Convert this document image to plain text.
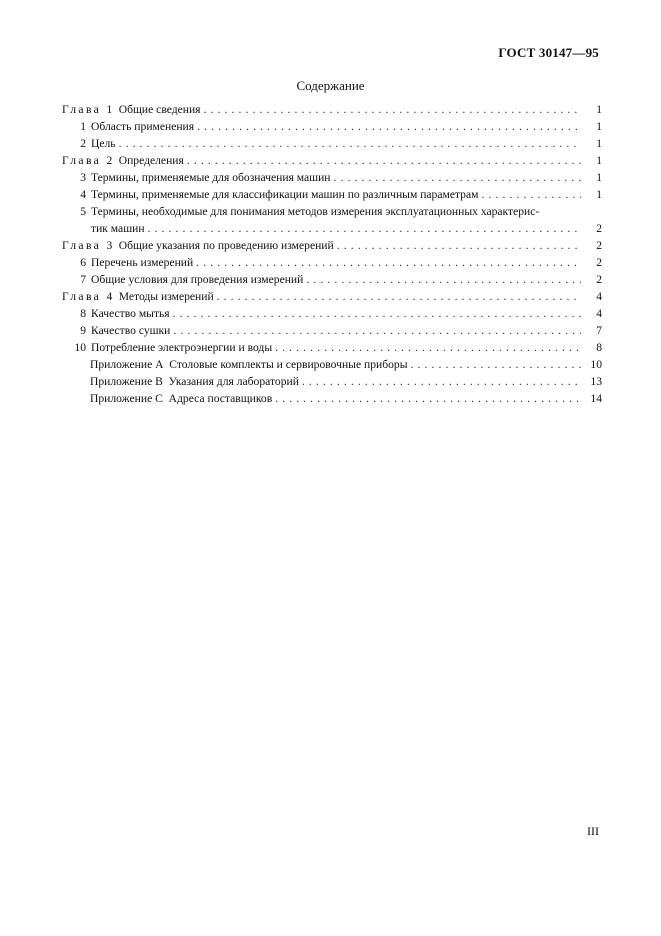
ГОСТ 30147—95
Содержание
Глава 1 Общие сведения . . .	1
1 Область применения . . .	1
2 Цель . . .	1
Глава 2 Определения . . .	1
3 Термины, применяемые для обозначения машин . . .	1
4 Термины, применяемые для классификации машин по различным параметрам . . .	1
5 Термины, необходимые для понимания методов измерения эксплуатационных характерис-
тик машин . . .	2
Глава 3 Общие указания по проведению измерений . . .	2
6 Перечень измерений . . .	2
7 Общие условия для проведения измерений . . .	2
Глава 4 Методы измерений . . .	4
8 Качество мытья . . .	4
9 Качество сушки . . .	7
10 Потребление электроэнергии и воды . . .	8
Приложение А  Столовые комплекты и сервировочные приборы . . .	10
Приложение В  Указания для лабораторий . . .	13
Приложение С  Адреса поставщиков . . .	14
III
